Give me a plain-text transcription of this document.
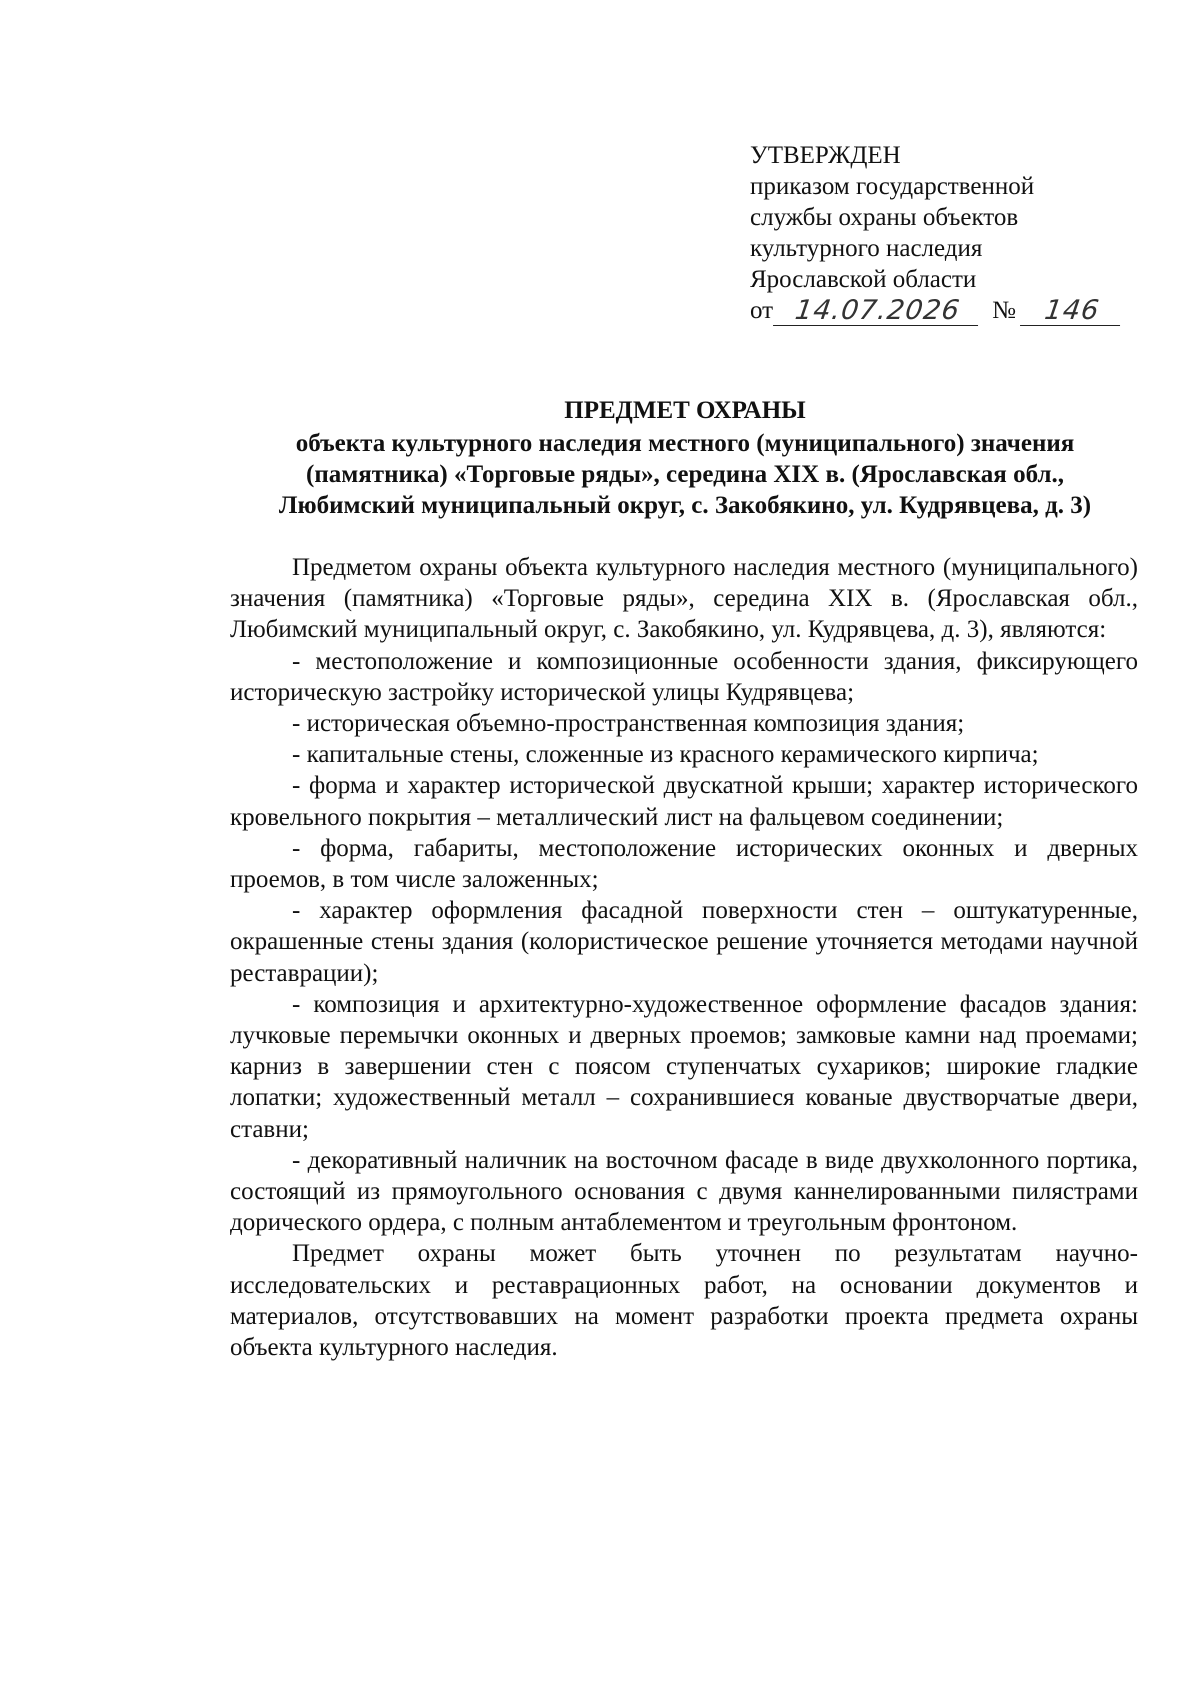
УТВЕРЖДЕН
приказом государственной
службы охраны объектов
культурного наследия
Ярославской области
от 14.07.2026	№ 146
ПРЕДМЕТ ОХРАНЫ
объекта культурного наследия местного (муниципального) значения
(памятника) «Торговые ряды», середина XIX в. (Ярославская обл.,
Любимский муниципальный округ, с. Закобякино, ул. Кудрявцева, д. 3)

Предметом охраны объекта культурного наследия местного (муниципального) значения (памятника) «Торговые ряды», середина XIX в. (Ярославская обл., Любимский муниципальный округ, с. Закобякино, ул. Кудрявцева, д. 3), являются:

- местоположение и композиционные особенности здания, фиксирующего историческую застройку исторической улицы Кудрявцева;

- историческая объемно-пространственная композиция здания;

- капитальные стены, сложенные из красного керамического кирпича;

- форма и характер исторической двускатной крыши; характер исторического кровельного покрытия – металлический лист на фальцевом соединении;

- форма, габариты, местоположение исторических оконных и дверных проемов, в том числе заложенных;

- характер оформления фасадной поверхности стен – оштукатуренные, окрашенные стены здания (колористическое решение уточняется методами научной реставрации);

- композиция и архитектурно-художественное оформление фасадов здания: лучковые перемычки оконных и дверных проемов; замковые камни над проемами; карниз в завершении стен с поясом ступенчатых сухариков; широкие гладкие лопатки; художественный металл – сохранившиеся кованые двустворчатые двери, ставни;

- декоративный наличник на восточном фасаде в виде двухколонного портика, состоящий из прямоугольного основания с двумя каннелированными пилястрами дорического ордера, с полным антаблементом и треугольным фронтоном.

Предмет охраны может быть уточнен по результатам научно-исследовательских и реставрационных работ, на основании документов и материалов, отсутствовавших на момент разработки проекта предмета охраны объекта культурного наследия.
